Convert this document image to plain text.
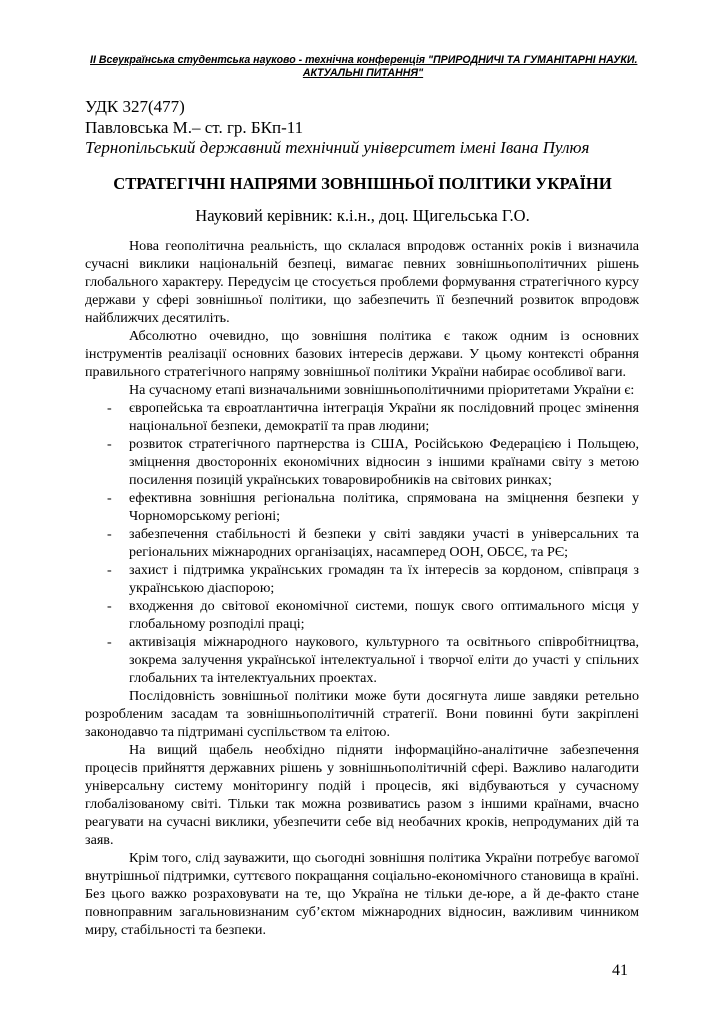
II Всеукраїнська студентська науково - технічна конференція "ПРИРОДНИЧІ ТА ГУМАНІТАРНІ НАУКИ.
АКТУАЛЬНІ ПИТАННЯ"
УДК 327(477)
Павловська М.– ст. гр. БКп-11
Тернопільський державний технічний університет імені Івана Пулюя
СТРАТЕГІЧНІ НАПРЯМИ ЗОВНІШНЬОЇ ПОЛІТИКИ УКРАЇНИ
Науковий керівник: к.і.н., доц. Щигельська Г.О.

Нова геополітична реальність, що склалася впродовж останніх років і визначила сучасні виклики національній безпеці, вимагає певних зовнішньополітичних рішень глобального характеру. Передусім це стосується проблеми формування стратегічного курсу держави у сфері зовнішньої політики, що забезпечить її безпечний розвиток впродовж найближчих десятиліть.

Абсолютно очевидно, що зовнішня політика є також одним із основних інструментів реалізації основних базових інтересів держави. У цьому контексті обрання правильного стратегічного напряму зовнішньої політики України набирає особливої ваги.

На сучасному етапі визначальними зовнішньополітичними пріоритетами України є:

- європейська та євроатлантична інтеграція України як послідовний процес змінення національної безпеки, демократії та прав людини;
- розвиток стратегічного партнерства із США, Російською Федерацією і Польщею, зміцнення двосторонніх економічних відносин з іншими країнами світу з метою посилення позицій українських товаровиробників на світових ринках;
- ефективна зовнішня регіональна політика, спрямована на зміцнення безпеки у Чорноморському регіоні;
- забезпечення стабільності й безпеки у світі завдяки участі в універсальних та регіональних міжнародних організаціях, насамперед ООН, ОБСЄ, та РЄ;
- захист і підтримка українських громадян та їх інтересів за кордоном, співпраця з українською діаспорою;
- входження до світової економічної системи, пошук свого оптимального місця у глобальному розподілі праці;
- активізація міжнародного наукового, культурного та освітнього співробітництва, зокрема залучення української інтелектуальної і творчої еліти до участі у спільних глобальних та інтелектуальних проектах.

Послідовність зовнішньої політики може бути досягнута лише завдяки ретельно розробленим засадам та зовнішньополітичній стратегії. Вони повинні бути закріплені законодавчо та підтримані суспільством та елітою.

На вищий щабель необхідно підняти інформаційно-аналітичне забезпечення процесів прийняття державних рішень у зовнішньополітичній сфері. Важливо налагодити універсальну систему моніторингу подій і процесів, які відбуваються у сучасному глобалізованому світі. Тільки так можна розвиватись разом з іншими країнами, вчасно реагувати на сучасні виклики, убезпечити себе від необачних кроків, непродуманих дій та заяв.

Крім того, слід зауважити, що сьогодні зовнішня політика України потребує вагомої внутрішньої підтримки, суттєвого покращання соціально-економічного становища в країні. Без цього важко розраховувати на те, що Україна не тільки де-юре, а й де-факто стане повноправним загальновизнаним суб’єктом міжнародних відносин, важливим чинником миру, стабільності та безпеки.

41
